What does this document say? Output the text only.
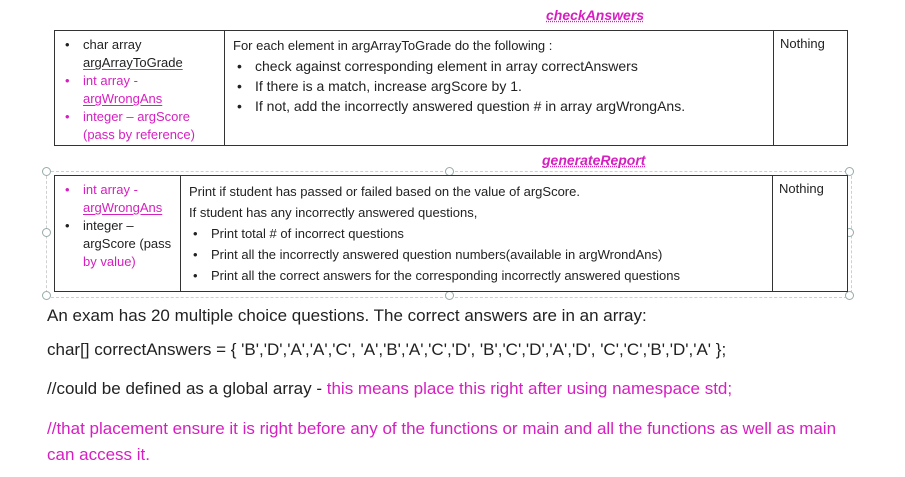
checkAnswers
• char array
argArrayToGrade
• int array -
argWrongAns
• integer – argScore
(pass by reference)
For each element in argArrayToGrade do the following :
• check against corresponding element in array correctAnswers
• If there is a match, increase argScore by 1.
• If not, add the incorrectly answered question # in array argWrongAns.
Nothing
generateReport
• int array -
argWrongAns
• integer –
argScore (pass
by value)
Print if student has passed or failed based on the value of argScore.
If student has any incorrectly answered questions,
• Print total # of incorrect questions
• Print all the incorrectly answered question numbers(available in argWrondAns)
• Print all the correct answers for the corresponding incorrectly answered questions
Nothing
An exam has 20 multiple choice questions. The correct answers are in an array:
char[] correctAnswers = { 'B','D','A','A','C', 'A','B','A','C','D', 'B','C','D','A','D', 'C','C','B','D','A' };
//could be defined as a global array - this means place this right after using namespace std;
//that placement ensure it is right before any of the functions or main and all the functions as well as main can access it.
